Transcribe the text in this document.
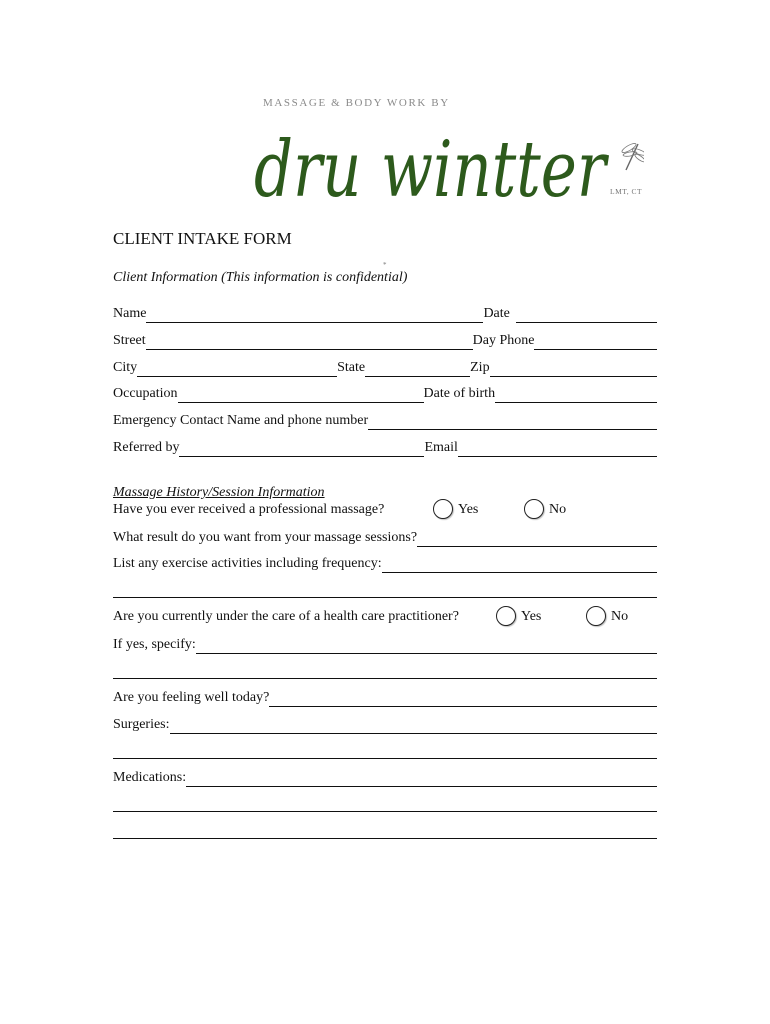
MASSAGE & BODY WORK BY
dru wintter LMT, CT
CLIENT INTAKE FORM
*
Client Information (This information is confidential)
Name	Date
Street	Day Phone
City	State	Zip
Occupation	Date of birth
Emergency Contact Name and phone number
Referred by	Email
Massage History/Session Information
Have you ever received a professional massage?	Yes	No
What result do you want from your massage sessions?
List any exercise activities including frequency:
Are you currently under the care of a health care practitioner?	Yes	No
If yes, specify:
Are you feeling well today?
Surgeries:
Medications:
